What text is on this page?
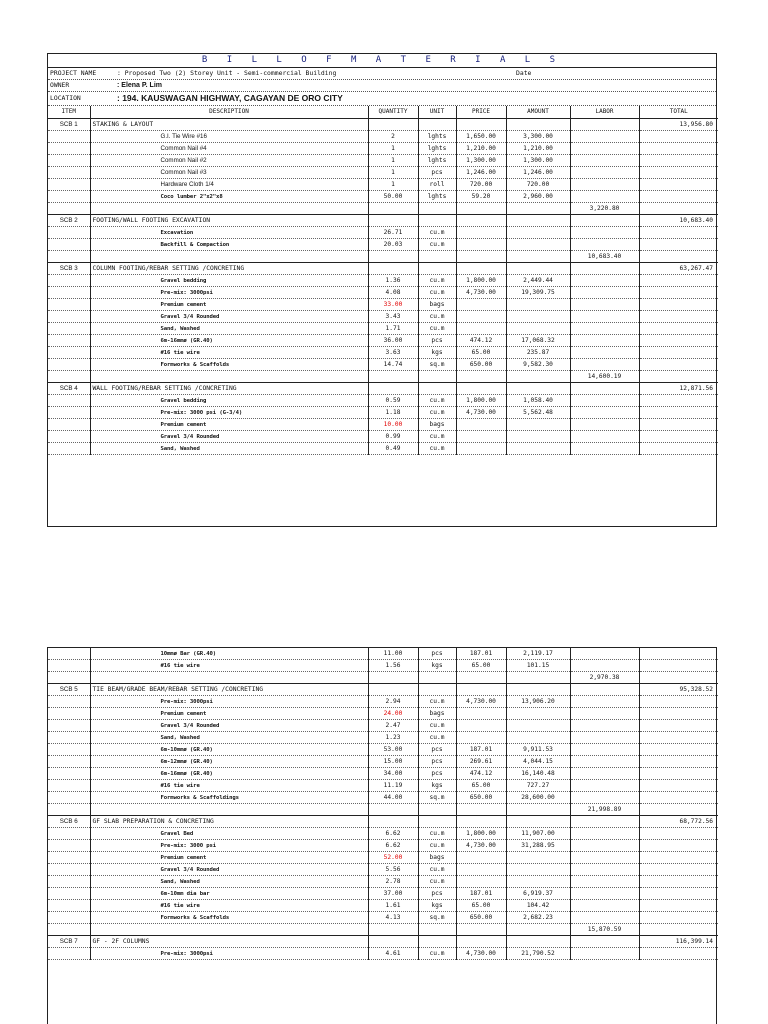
B I L L O F M A T E R I A L S
PROJECT NAME	: Proposed Two (2) Storey Unit - Semi-commercial Building	Date
OWNER	: Elena P. Lim
LOCATION	: 194. KAUSWAGAN HIGHWAY, CAGAYAN DE ORO CITY
ITEM	DESCRIPTION	QUANTITY	UNIT	PRICE	AMOUNT	LABOR	TOTAL
SCB 1	STAKING & LAYOUT						13,956.80
	G.I. Tie Wire #16	2	lghts	1,650.00	3,300.00		
	Common Nail #4	1	lghts	1,210.00	1,210.00		
	Common Nail #2	1	lghts	1,300.00	1,300.00		
	Common Nail #3	1	pcs	1,246.00	1,246.00		
	Hardware Cloth 1/4	1	roll	720.00	720.00		
	Coco lumber 2"x2"x8	50.00	lghts	59.20	2,960.00		
						3,220.80	
SCB 2	FOOTING/WALL FOOTING EXCAVATION						10,683.40
	Excavation	26.71	cu.m				
	Backfill & Compaction	20.03	cu.m				
						10,683.40	
SCB 3	COLUMN FOOTING/REBAR SETTING /CONCRETING						63,267.47
	Gravel bedding	1.36	cu.m	1,800.00	2,449.44		
	Pre-mix: 3000psi	4.08	cu.m	4,730.00	19,309.75		
	Premium cement	33.00	bags				
	Gravel 3/4 Rounded	3.43	cu.m				
	Sand, Washed	1.71	cu.m				
	6m-16mmø (GR.40)	36.00	pcs	474.12	17,068.32		
	#16 tie wire	3.63	kgs	65.00	235.87		
	Formworks & Scaffolds	14.74	sq.m	650.00	9,582.30		
						14,600.19	
SCB 4	WALL FOOTING/REBAR SETTING /CONCRETING						12,871.56
	Gravel bedding	0.59	cu.m	1,800.00	1,058.40		
	Pre-mix: 3000 psi (G-3/4)	1.18	cu.m	4,730.00	5,562.48		
	Premium cement	10.00	bags				
	Gravel 3/4 Rounded	0.99	cu.m				
	Sand, Washed	0.49	cu.m				
	10mmø Bar (GR.40)	11.00	pcs	187.01	2,119.17		
	#16 tie wire	1.56	kgs	65.00	101.15		
						2,970.38	
SCB 5	TIE BEAM/GRADE BEAM/REBAR SETTING /CONCRETING						95,328.52
	Pre-mix: 3000psi	2.94	cu.m	4,730.00	13,906.20		
	Premium cement	24.00	bags				
	Gravel 3/4 Rounded	2.47	cu.m				
	Sand, Washed	1.23	cu.m				
	6m-10mmø (GR.40)	53.00	pcs	187.01	9,911.53		
	6m-12mmø (GR.40)	15.00	pcs	269.61	4,044.15		
	6m-16mmø (GR.40)	34.00	pcs	474.12	16,140.48		
	#16 tie wire	11.19	kgs	65.00	727.27		
	Formworks & Scaffoldings	44.00	sq.m	650.00	28,600.00		
						21,998.89	
SCB 6	GF SLAB PREPARATION & CONCRETING						68,772.56
	Gravel Bed	6.62	cu.m	1,800.00	11,907.00		
	Pre-mix: 3000 psi	6.62	cu.m	4,730.00	31,288.95		
	Premium cement	52.00	bags				
	Gravel 3/4 Rounded	5.56	cu.m				
	Sand, Washed	2.78	cu.m				
	6m-10mm dia bar	37.00	pcs	187.01	6,919.37		
	#16 tie wire	1.61	kgs	65.00	104.42		
	Formworks & Scaffolds	4.13	sq.m	650.00	2,682.23		
						15,870.59	
SCB 7	GF - 2F COLUMNS						116,399.14
	Pre-mix: 3000psi	4.61	cu.m	4,730.00	21,790.52		
